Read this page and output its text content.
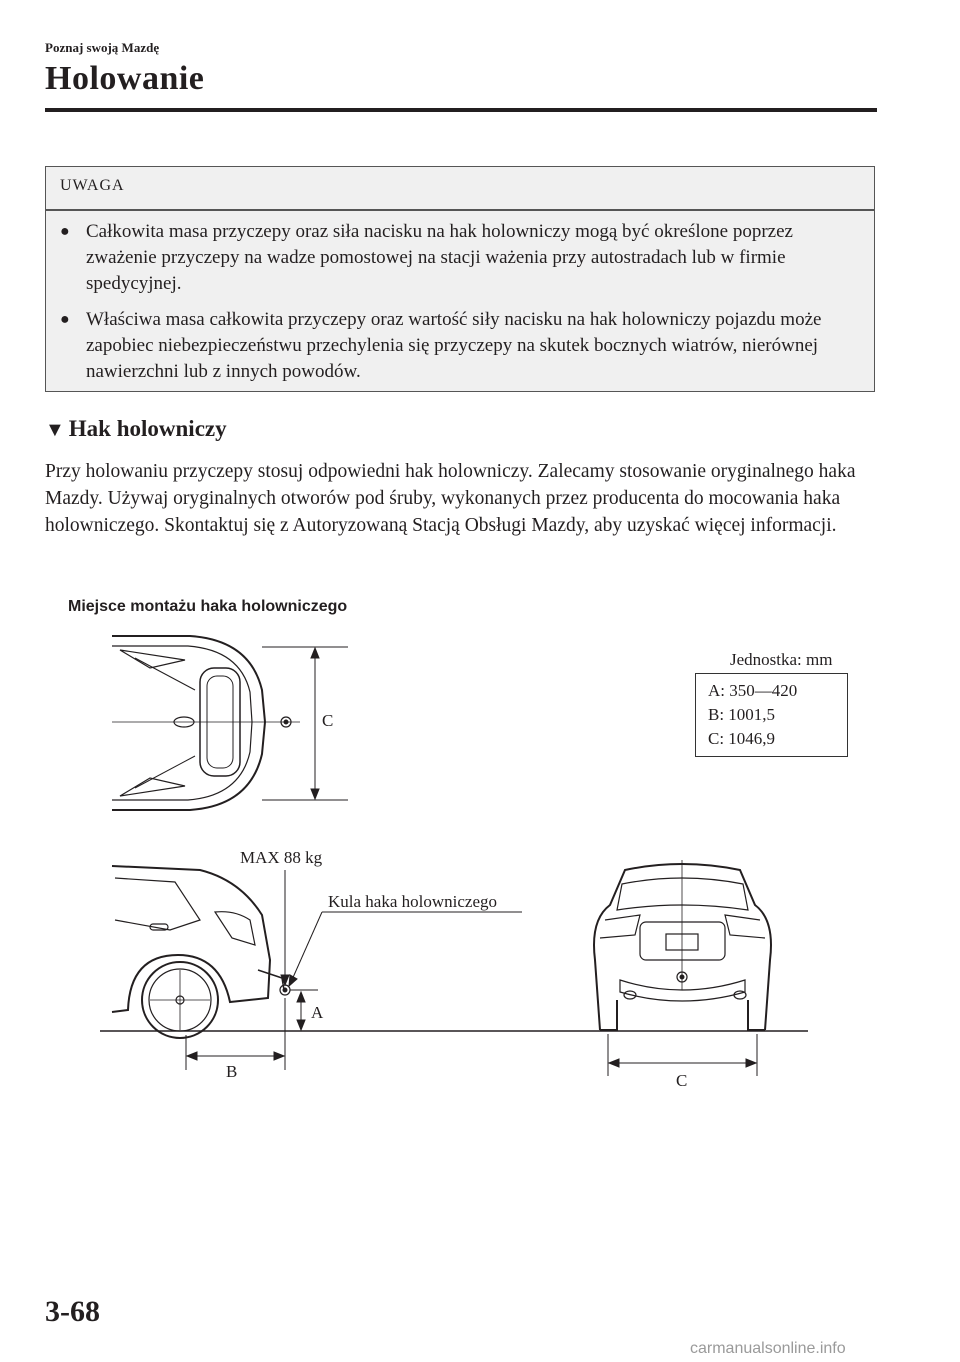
Poznaj swoją Mazdę
Holowanie
UWAGA
● Całkowita masa przyczepy oraz siła nacisku na hak holowniczy mogą być określone poprzez zważenie przyczepy na wadze pomostowej na stacji ważenia przy autostradach lub w firmie spedycyjnej.
● Właściwa masa całkowita przyczepy oraz wartość siły nacisku na hak holowniczy pojazdu może zapobiec niebezpieczeństwu przechylenia się przyczepy na skutek bocznych wiatrów, nierównej nawierzchni lub z innych powodów.
▼ Hak holowniczy

Przy holowaniu przyczepy stosuj odpowiedni hak holowniczy. Zalecamy stosowanie oryginalnego haka Mazdy. Używaj oryginalnych otworów pod śruby, wykonanych przez producenta do mocowania haka holowniczego. Skontaktuj się z Autoryzowaną Stacją Obsługi Mazdy, aby uzyskać więcej informacji.

Miejsce montażu haka holowniczego
Jednostka: mm
A: 350—420
B: 1001,5
C: 1046,9
C
MAX 88 kg
Kula haka holowniczego
A
B	C
3-68
carmanualsonline.info
